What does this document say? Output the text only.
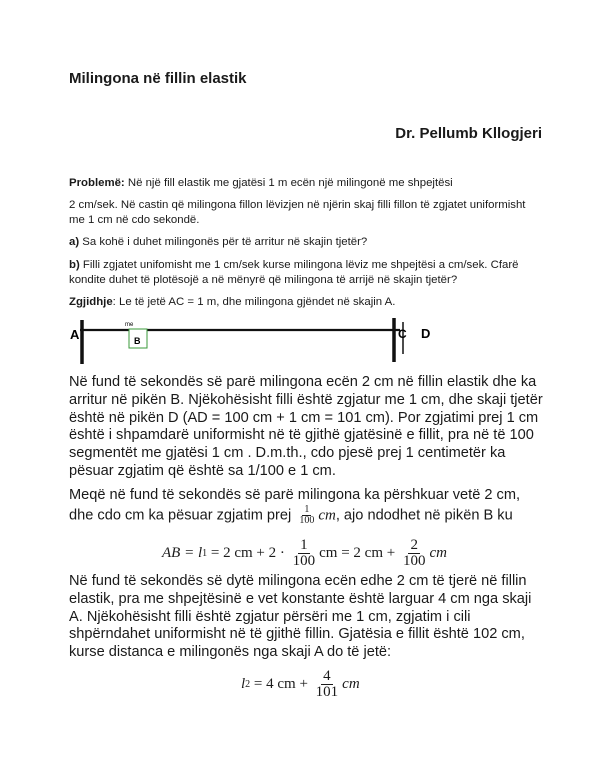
Milingona në fillin elastik
Dr. Pellumb Kllogjeri
Problemë: Në një fill elastik me gjatësi 1 m ecën një milingonë me shpejtësi
2 cm/sek. Në castin që milingona fillon lëvizjen në njërin skaj filli fillon të zgjatet uniformisht me 1 cm në cdo sekondë.
a) Sa kohë i duhet milingonës për të arritur në skajin tjetër?
b) Filli zgjatet unifomisht me 1 cm/sek kurse milingona lëviz me shpejtësi a cm/sek. Cfarë kondite duhet të plotësojë a në mënyrë që milingona të arrijë në skajin tjetër?
Zgjidhje: Le të jetë AC = 1 m, dhe milingona gjëndet në skajin A.
A	C D
me
B
Në fund të sekondës së parë milingona ecën 2 cm në fillin elastik dhe ka arritur në pikën B. Njëkohësisht filli është zgjatur me 1 cm, dhe skaji tjetër është në pikën D (AD = 100 cm + 1 cm = 101 cm). Por zgjatimi prej 1 cm është i shpamdarë uniformisht në të gjithë gjatësinë e fillit, pra në të 100 segmentët me gjatësi 1 cm . D.m.th., cdo pjesë prej 1 centimetër ka pësuar zgjatim që është sa 1/100 e 1 cm.
Meqë në fund të sekondës së parë milingona ka përshkuar vetë 2 cm, dhe cdo cm ka pësuar zgjatim prej $\frac{1}{100}$ cm, ajo ndodhet në pikën B ku
AB = l 1 = 2 cm + $2 \cdot \frac{1}{100}$ cm = 2 cm + $\frac{2}{100}$ cm
Në fund të sekondës së dytë milingona ecën edhe 2 cm të tjerë në fillin elastik, pra me shpejtësinë e vet konstante është larguar 4 cm nga skaji A. Njëkohësisht filli është zgjatur përsëri me 1 cm, zgjatim i cili shpërndahet uniformisht në të gjithë fillin. Gjatësia e fillit është 102 cm, kurse distanca e milingonës nga skaji A do të jetë:
l 2 = 4 cm + $\frac{4}{101}$ cm
